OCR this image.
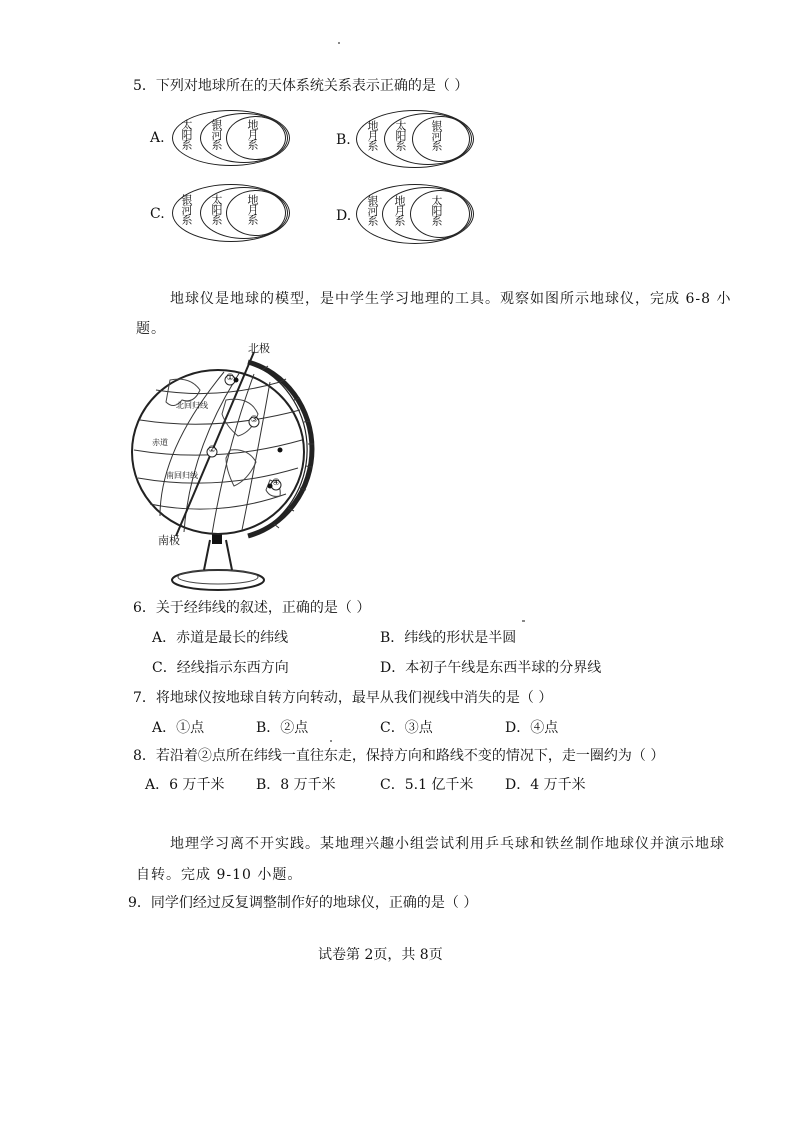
5．下列对地球所在的天体系统关系表示正确的是（ ）
A. 太阳系 银河系 地月系	B. 地月系 太阳系 银河系
C. 银河系 太阳系 地月系	D. 银河系 地月系 太阳系
地球仪是地球的模型，是中学生学习地理的工具。观察如图所示地球仪，完成 6-8 小
题。
北极
南极
北回归线
赤道
南回归线
①
②
③
④
6．关于经纬线的叙述，正确的是（ ）
A．赤道是最长的纬线	B．纬线的形状是半圆
C．经线指示东西方向	D．本初子午线是东西半球的分界线
7．将地球仪按地球自转方向转动，最早从我们视线中消失的是（ ）
A．①点	B．②点	C．③点	D．④点
8．若沿着②点所在纬线一直往东走，保持方向和路线不变的情况下，走一圈约为（ ）
A．6 万千米 B．8 万千米	C．5.1 亿千米 D．4 万千米
地理学习离不开实践。某地理兴趣小组尝试利用乒乓球和铁丝制作地球仪并演示地球
自转。完成 9-10 小题。
9．同学们经过反复调整制作好的地球仪，正确的是（ ）
试卷第 2页，共 8页
